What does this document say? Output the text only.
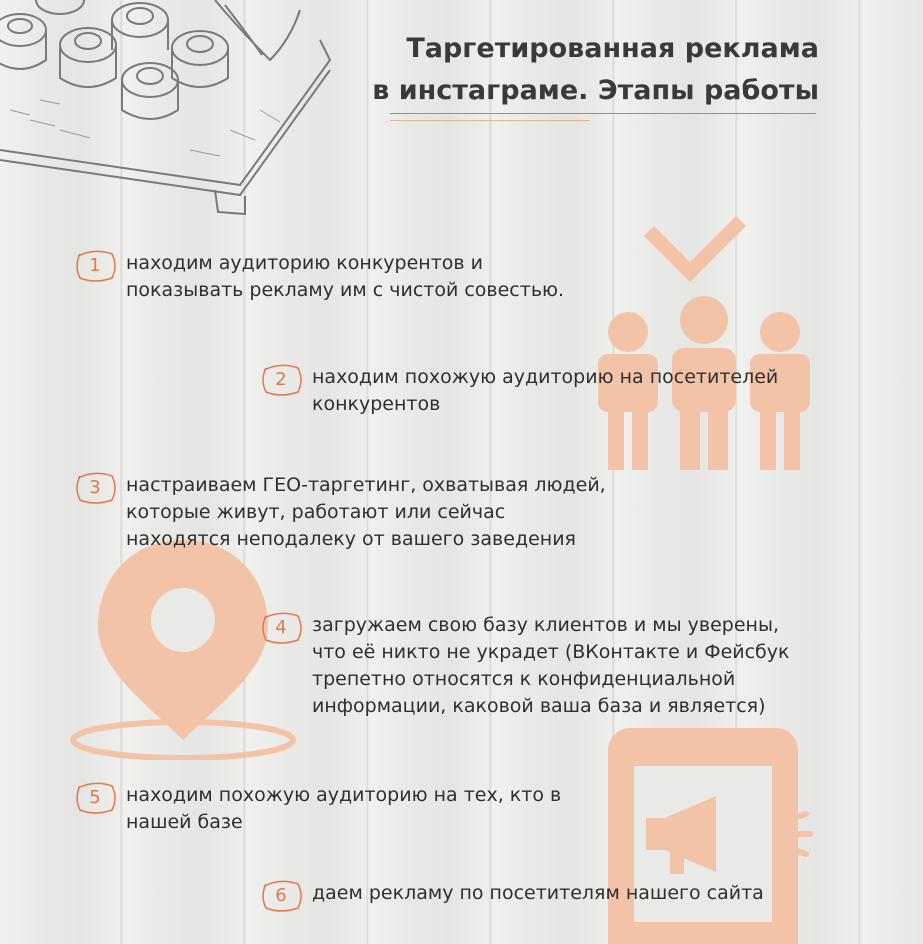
Таргетированная реклама
в инстаграме. Этапы работы
1	находим аудиторию конкурентов и
показывать рекламу им с чистой совестью.
2	находим похожую аудиторию на посетителей
конкурентов
3	настраиваем ГЕО-таргетинг, охватывая людей,
которые живут, работают или сейчас
находятся неподалеку от вашего заведения
4	загружаем свою базу клиентов и мы уверены,
что её никто не украдет (ВКонтакте и Фейсбук
трепетно относятся к конфиденциальной
информации, каковой ваша база и является)
5	находим похожую аудиторию на тех, кто в
нашей базе
6	даем рекламу по посетителям нашего сайта
